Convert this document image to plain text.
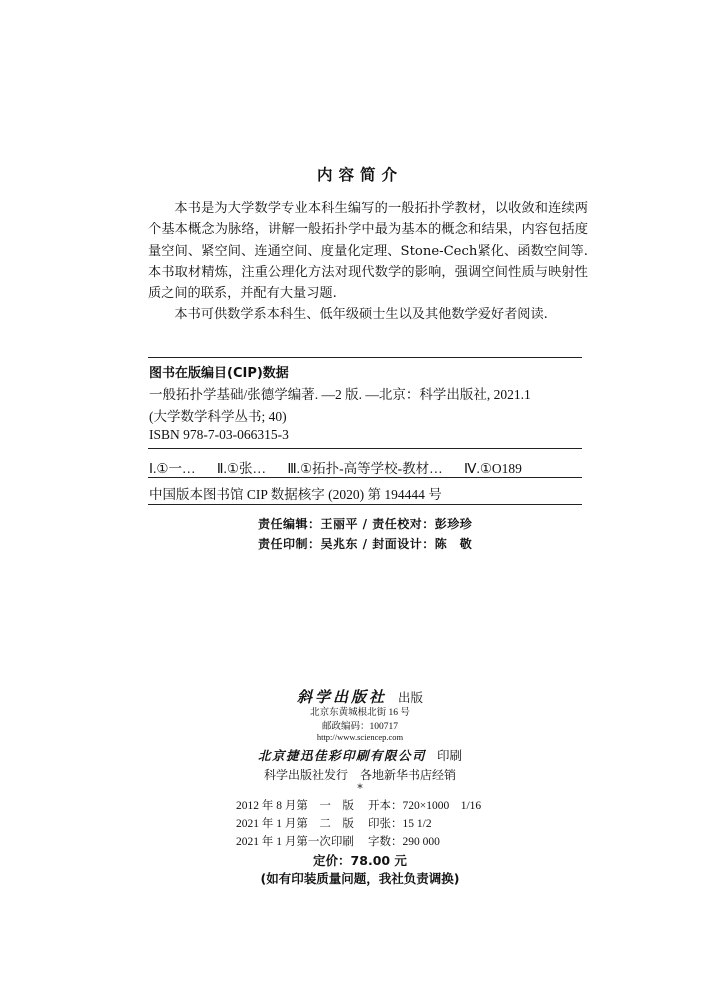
内容简介

本书是为大学数学专业本科生编写的一般拓扑学教材，以收敛和连续两个基本概念为脉络，讲解一般拓扑学中最为基本的概念和结果，内容包括度量空间、紧空间、连通空间、度量化定理、Stone-Cech紧化、函数空间等. 本书取材精炼，注重公理化方法对现代数学的影响，强调空间性质与映射性质之间的联系，并配有大量习题.

本书可供数学系本科生、低年级硕士生以及其他数学爱好者阅读.

图书在版编目(CIP)数据
一般拓扑学基础/张德学编著. —2 版. —北京：科学出版社, 2021.1
(大学数学科学丛书; 40)
ISBN 978-7-03-066315-3
Ⅰ.①一… Ⅱ.①张… Ⅲ.①拓扑-高等学校-教材… Ⅳ.①O189
中国版本图书馆 CIP 数据核字 (2020) 第 194444 号
责任编辑：王丽平 / 责任校对：彭珍珍
责任印制：吴兆东 / 封面设计：陈　敬
斜学出版社 出版
北京东黄城根北街 16 号
邮政编码：100717
http://www.sciencep.com
北京捷迅佳彩印刷有限公司 印刷
科学出版社发行　各地新华书店经销
*
2012 年 8 月第　一　版 开本：720×1000　1/16
2021 年 1 月第　二　版 印张：15 1/2
2021 年 1 月第一次印刷 字数：290 000
定价：78.00 元
(如有印装质量问题，我社负责调换)
